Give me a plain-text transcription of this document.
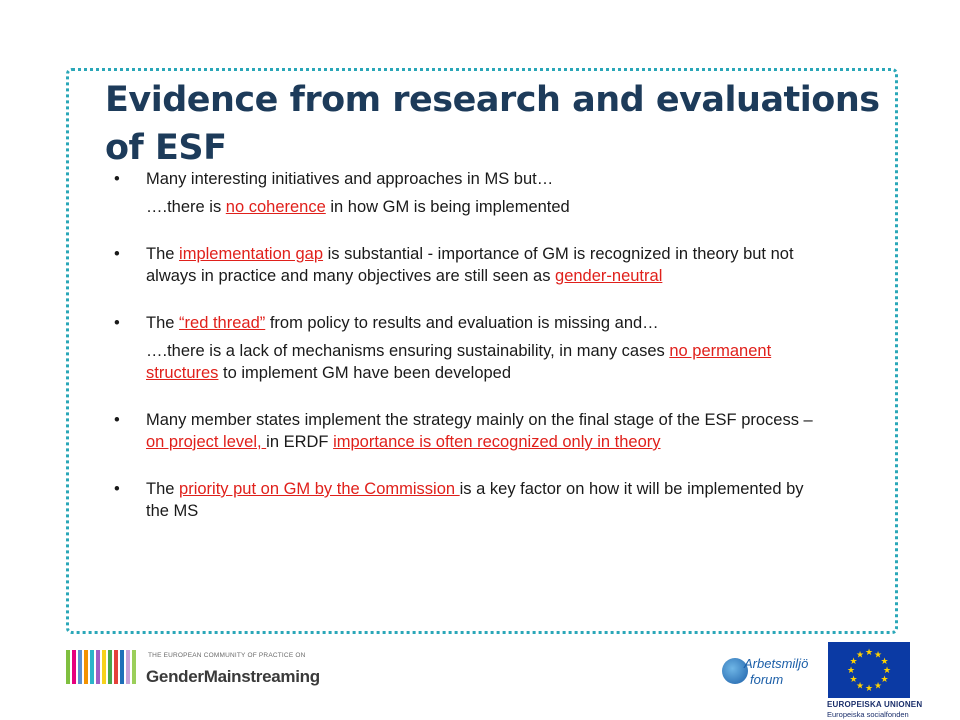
Evidence from research and evaluations of ESF
• Many interesting initiatives and approaches in MS but…
….there is no coherence in how GM is being implemented
• The implementation gap is substantial - importance of GM is recognized in theory but not always in practice and many objectives are still seen as gender-neutral
• The “red thread” from policy to results and evaluation is missing and…
….there is a lack of mechanisms ensuring sustainability, in many cases no permanent structures to implement GM have been developed
• Many member states implement the strategy mainly on the final stage of the ESF process – on project level, in ERDF importance is often recognized only in theory
• The priority put on GM by the Commission is a key factor on how it will be implemented by the MS
THE EUROPEAN COMMUNITY OF PRACTICE ON
GenderMainstreaming
Arbetsmiljö
forum
★ ★
★
★
★
★
★
★
★
★
★
★
EUROPEISKA UNIONEN
Europeiska socialfonden
